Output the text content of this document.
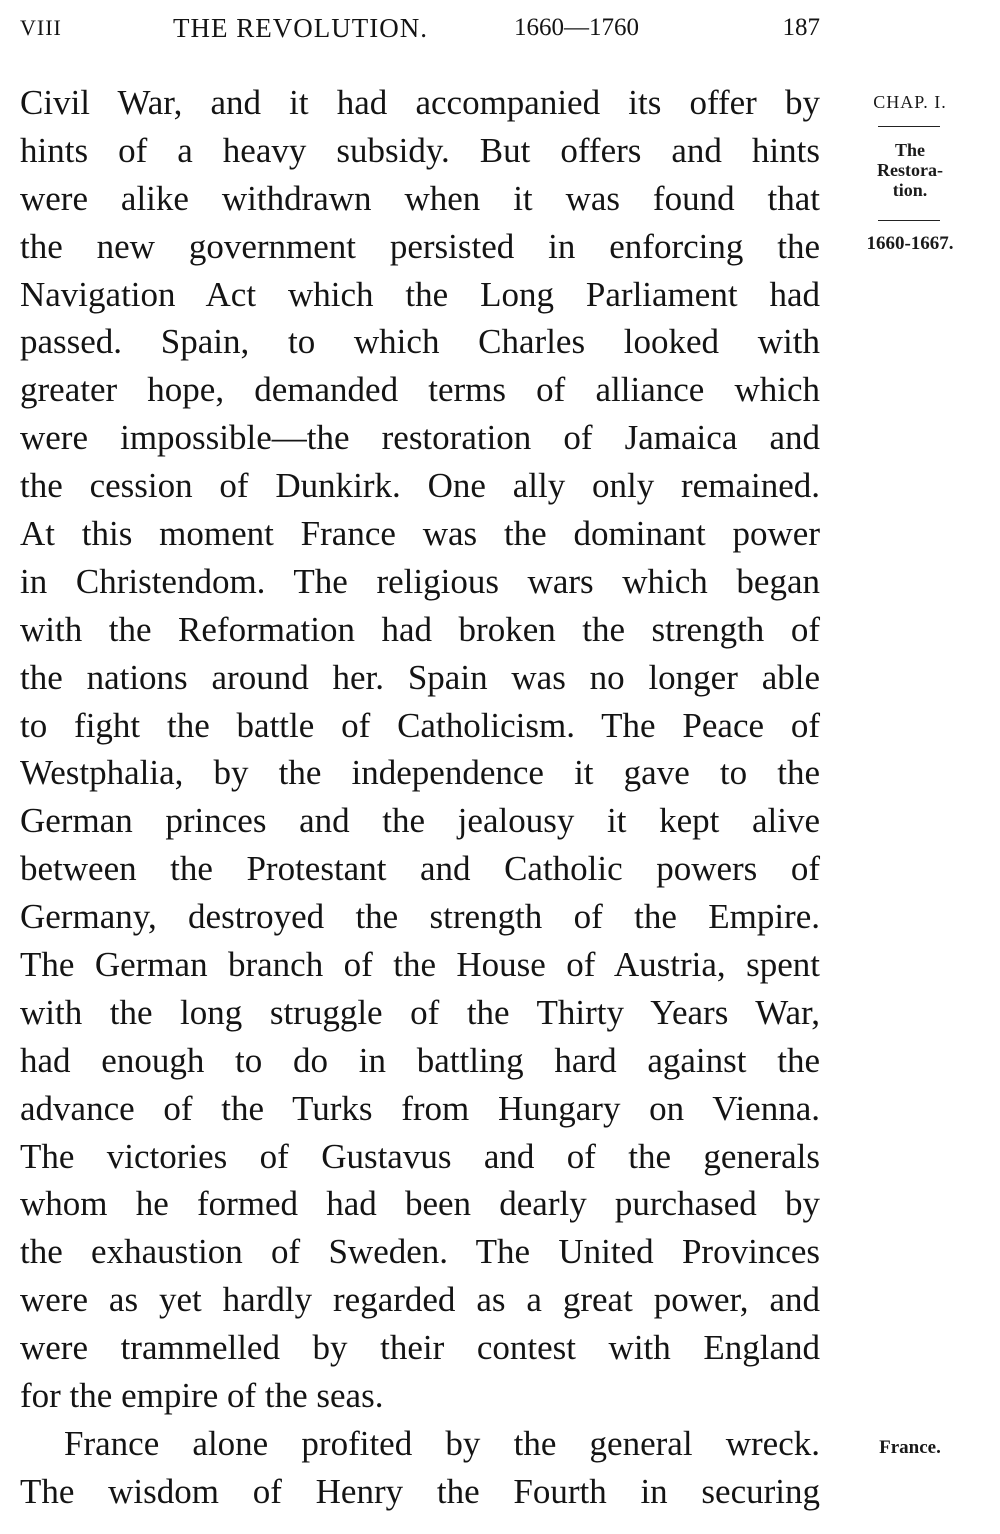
VIII	THE REVOLUTION.	1660—1760	187
Civil War, and it had accompanied its offer by
hints of a heavy subsidy. But offers and hints
were alike withdrawn when it was found that
the new government persisted in enforcing the
Navigation Act which the Long Parliament had
passed. Spain, to which Charles looked with
greater hope, demanded terms of alliance which
were impossible—the restoration of Jamaica and
the cession of Dunkirk. One ally only remained.
At this moment France was the dominant power
in Christendom. The religious wars which began
with the Reformation had broken the strength of
the nations around her. Spain was no longer able
to fight the battle of Catholicism. The Peace of
Westphalia, by the independence it gave to the
German princes and the jealousy it kept alive
between the Protestant and Catholic powers of
Germany, destroyed the strength of the Empire.
The German branch of the House of Austria, spent
with the long struggle of the Thirty Years War,
had enough to do in battling hard against the
advance of the Turks from Hungary on Vienna.
The victories of Gustavus and of the generals
whom he formed had been dearly purchased by
the exhaustion of Sweden. The United Provinces
were as yet hardly regarded as a great power, and
were trammelled by their contest with England
for the empire of the seas.
France alone profited by the general wreck.
The wisdom of Henry the Fourth in securing
CHAP. I.
The
Restora-
tion.
1660-1667.
France.
